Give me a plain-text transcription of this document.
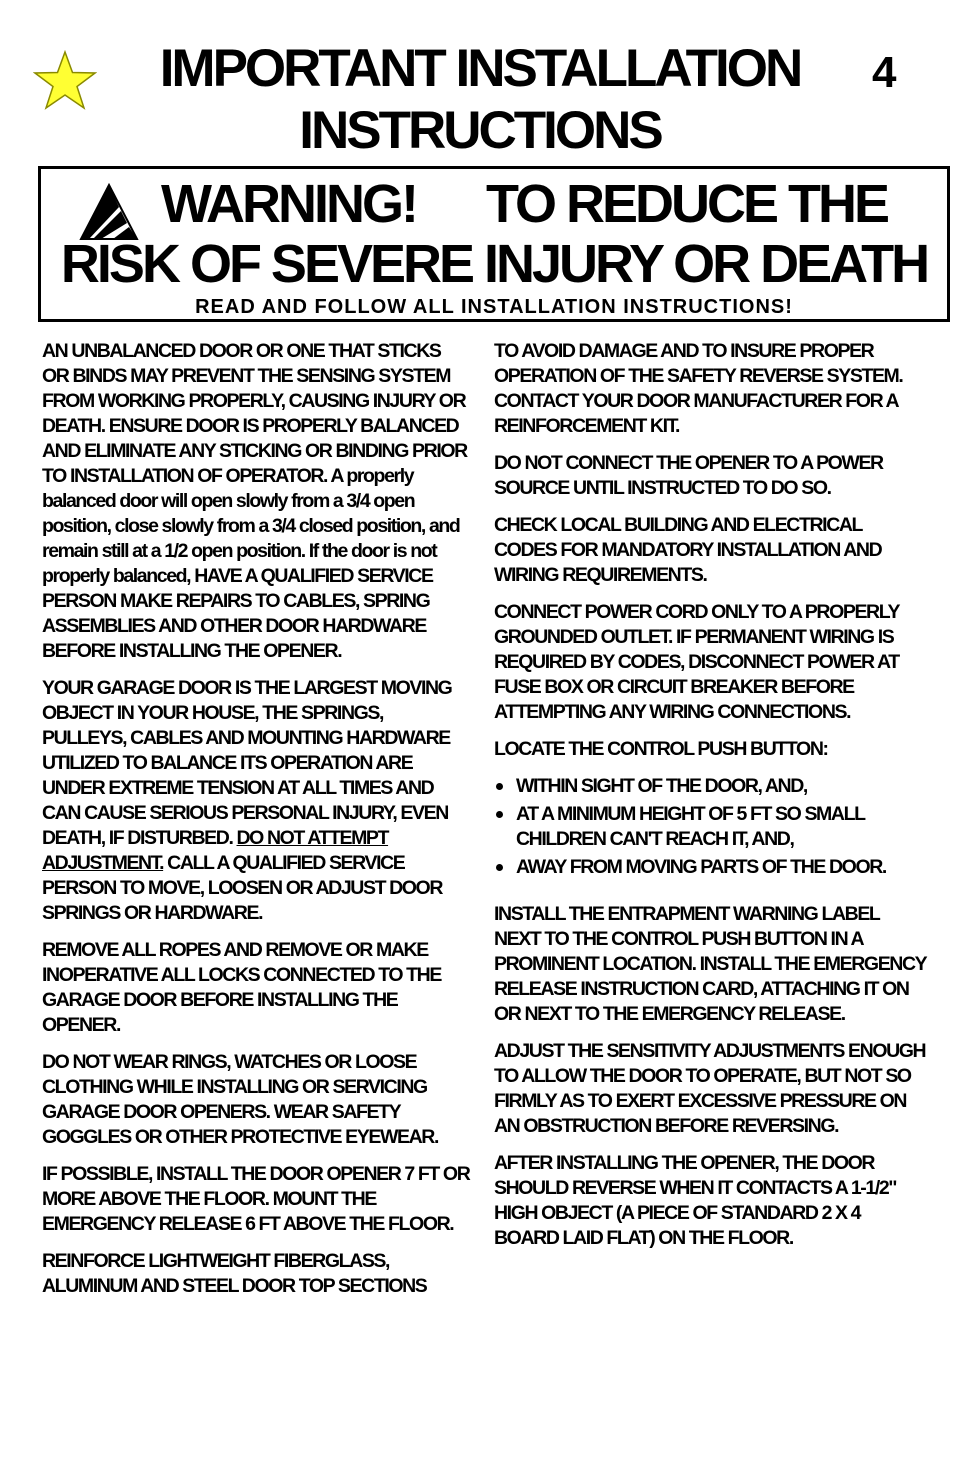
IMPORTANT INSTALLATION
INSTRUCTIONS
4
WARNING! TO REDUCE THE
RISK OF SEVERE INJURY OR DEATH
READ AND FOLLOW ALL INSTALLATION INSTRUCTIONS!

AN UNBALANCED DOOR OR ONE THAT STICKS OR BINDS MAY PREVENT THE SENSING SYSTEM FROM WORKING PROPERLY, CAUSING INJURY OR DEATH. ENSURE DOOR IS PROPERLY BALANCED AND ELIMINATE ANY STICKING OR BINDING PRIOR TO INSTALLATION OF OPERATOR. A properly balanced door will open slowly from a 3/4 open position, close slowly from a 3/4 closed position, and remain still at a 1/2 open position. If the door is not properly balanced, HAVE A QUALIFIED SERVICE PERSON MAKE REPAIRS TO CABLES, SPRING ASSEMBLIES AND OTHER DOOR HARDWARE BEFORE INSTALLING THE OPENER.

YOUR GARAGE DOOR IS THE LARGEST MOVING OBJECT IN YOUR HOUSE, THE SPRINGS, PULLEYS, CABLES AND MOUNTING HARDWARE UTILIZED TO BALANCE ITS OPERATION ARE UNDER EXTREME TENSION AT ALL TIMES AND CAN CAUSE SERIOUS PERSONAL INJURY, EVEN DEATH, IF DISTURBED. DO NOT ATTEMPT ADJUSTMENT. CALL A QUALIFIED SERVICE PERSON TO MOVE, LOOSEN OR ADJUST DOOR SPRINGS OR HARDWARE.

REMOVE ALL ROPES AND REMOVE OR MAKE INOPERATIVE ALL LOCKS CONNECTED TO THE GARAGE DOOR BEFORE INSTALLING THE OPENER.

DO NOT WEAR RINGS, WATCHES OR LOOSE CLOTHING WHILE INSTALLING OR SERVICING GARAGE DOOR OPENERS. WEAR SAFETY GOGGLES OR OTHER PROTECTIVE EYEWEAR.

IF POSSIBLE, INSTALL THE DOOR OPENER 7 FT OR MORE ABOVE THE FLOOR. MOUNT THE EMERGENCY RELEASE 6 FT ABOVE THE FLOOR.

REINFORCE LIGHTWEIGHT FIBERGLASS, ALUMINUM AND STEEL DOOR TOP SECTIONS

TO AVOID DAMAGE AND TO INSURE PROPER OPERATION OF THE SAFETY REVERSE SYSTEM. CONTACT YOUR DOOR MANUFACTURER FOR A REINFORCEMENT KIT.

DO NOT CONNECT THE OPENER TO A POWER SOURCE UNTIL INSTRUCTED TO DO SO.

CHECK LOCAL BUILDING AND ELECTRICAL CODES FOR MANDATORY INSTALLATION AND WIRING REQUIREMENTS.

CONNECT POWER CORD ONLY TO A PROPERLY GROUNDED OUTLET. IF PERMANENT WIRING IS REQUIRED BY CODES, DISCONNECT POWER AT FUSE BOX OR CIRCUIT BREAKER BEFORE ATTEMPTING ANY WIRING CONNECTIONS.

LOCATE THE CONTROL PUSH BUTTON:

WITHIN SIGHT OF THE DOOR, AND,
AT A MINIMUM HEIGHT OF 5 FT SO SMALL CHILDREN CAN'T REACH IT, AND,
AWAY FROM MOVING PARTS OF THE DOOR.

INSTALL THE ENTRAPMENT WARNING LABEL NEXT TO THE CONTROL PUSH BUTTON IN A PROMINENT LOCATION. INSTALL THE EMERGENCY RELEASE INSTRUCTION CARD, ATTACHING IT ON OR NEXT TO THE EMERGENCY RELEASE.

ADJUST THE SENSITIVITY ADJUSTMENTS ENOUGH TO ALLOW THE DOOR TO OPERATE, BUT NOT SO FIRMLY AS TO EXERT EXCESSIVE PRESSURE ON AN OBSTRUCTION BEFORE REVERSING.

AFTER INSTALLING THE OPENER, THE DOOR SHOULD REVERSE WHEN IT CONTACTS A 1-1/2" HIGH OBJECT (A PIECE OF STANDARD 2 X 4 BOARD LAID FLAT) ON THE FLOOR.
